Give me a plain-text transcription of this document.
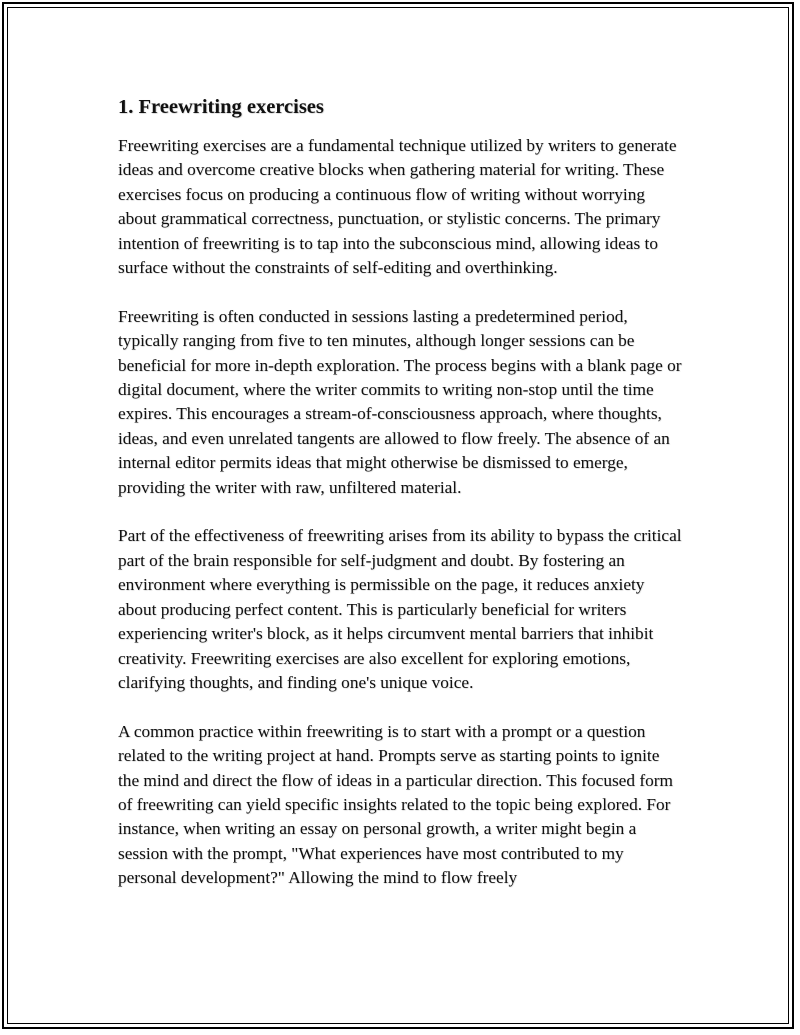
1. Freewriting exercises

Freewriting exercises are a fundamental technique utilized by writers to generate ideas and overcome creative blocks when gathering material for writing. These exercises focus on producing a continuous flow of writing without worrying about grammatical correctness, punctuation, or stylistic concerns. The primary intention of freewriting is to tap into the subconscious mind, allowing ideas to surface without the constraints of self-editing and overthinking.

Freewriting is often conducted in sessions lasting a predetermined period, typically ranging from five to ten minutes, although longer sessions can be beneficial for more in-depth exploration. The process begins with a blank page or digital document, where the writer commits to writing non-stop until the time expires. This encourages a stream-of-consciousness approach, where thoughts, ideas, and even unrelated tangents are allowed to flow freely. The absence of an internal editor permits ideas that might otherwise be dismissed to emerge, providing the writer with raw, unfiltered material.

Part of the effectiveness of freewriting arises from its ability to bypass the critical part of the brain responsible for self-judgment and doubt. By fostering an environment where everything is permissible on the page, it reduces anxiety about producing perfect content. This is particularly beneficial for writers experiencing writer's block, as it helps circumvent mental barriers that inhibit creativity. Freewriting exercises are also excellent for exploring emotions, clarifying thoughts, and finding one's unique voice.

A common practice within freewriting is to start with a prompt or a question related to the writing project at hand. Prompts serve as starting points to ignite the mind and direct the flow of ideas in a particular direction. This focused form of freewriting can yield specific insights related to the topic being explored. For instance, when writing an essay on personal growth, a writer might begin a session with the prompt, "What experiences have most contributed to my personal development?" Allowing the mind to flow freely
